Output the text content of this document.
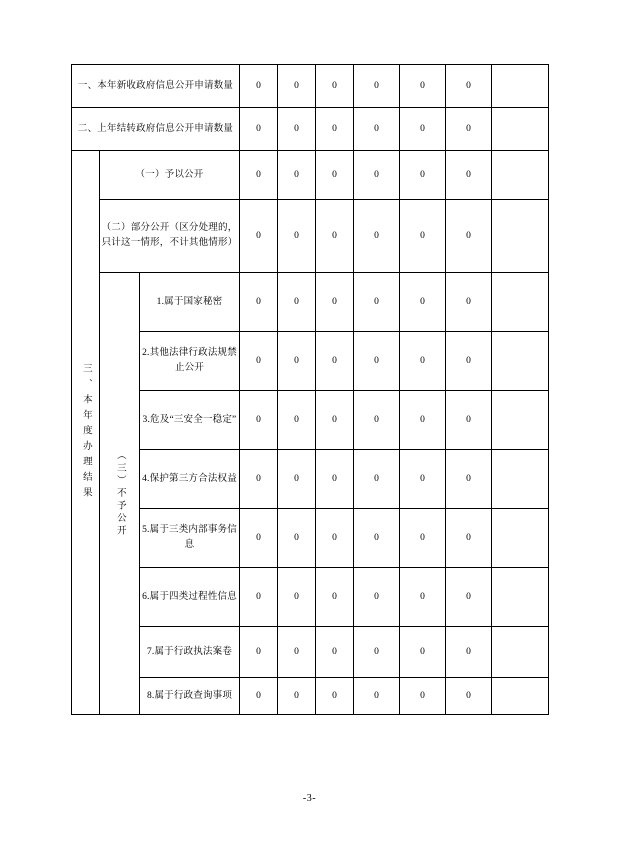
一、本年新收政府信息公开申请数量			0	0	0	0	0	0	
二、上年结转政府信息公开申请数量			0	0	0	0	0	0	
三、本年度办理结果	（一）予以公开		0	0	0	0	0	0	
	（二）部分公开（区分处理的，只计这一情形，不计其他情形）		0	0	0	0	0	0	
	（三）不予公开	1.属于国家秘密	0	0	0	0	0	0	
		2.其他法律行政法规禁止公开	0	0	0	0	0	0	
		3.危及“三安全一稳定”	0	0	0	0	0	0	
		4.保护第三方合法权益	0	0	0	0	0	0	
		5.属于三类内部事务信息	0	0	0	0	0	0	
		6.属于四类过程性信息	0	0	0	0	0	0	
		7.属于行政执法案卷	0	0	0	0	0	0	
		8.属于行政查询事项	0	0	0	0	0	0	
-3-
